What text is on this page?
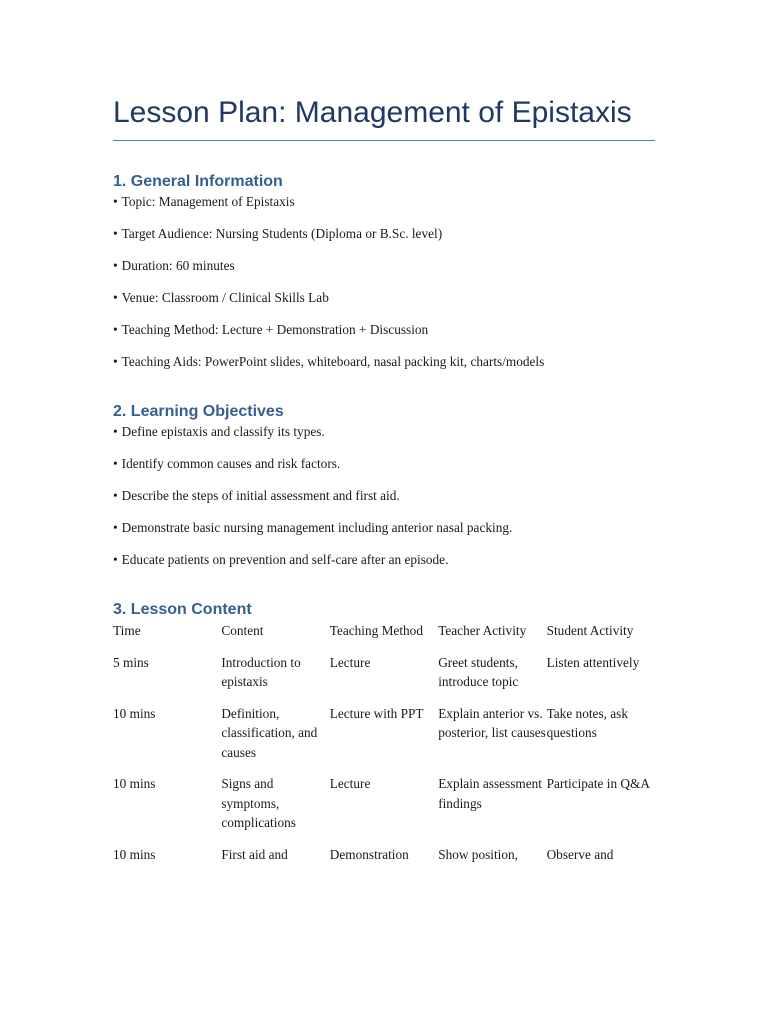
Lesson Plan: Management of Epistaxis
1. General Information
• Topic: Management of Epistaxis
• Target Audience: Nursing Students (Diploma or B.Sc. level)
• Duration: 60 minutes
• Venue: Classroom / Clinical Skills Lab
• Teaching Method: Lecture + Demonstration + Discussion
• Teaching Aids: PowerPoint slides, whiteboard, nasal packing kit, charts/models
2. Learning Objectives
• Define epistaxis and classify its types.
• Identify common causes and risk factors.
• Describe the steps of initial assessment and first aid.
• Demonstrate basic nursing management including anterior nasal packing.
• Educate patients on prevention and self-care after an episode.
3. Lesson Content
Time	Content	Teaching Method	Teacher Activity	Student Activity
5 mins	Introduction to epistaxis	Lecture	Greet students, introduce topic	Listen attentively
10 mins	Definition, classification, and causes	Lecture with PPT	Explain anterior vs. posterior, list causes	Take notes, ask questions
10 mins	Signs and symptoms, complications	Lecture	Explain assessment findings	Participate in Q&A
10 mins	First aid and	Demonstration	Show position,	Observe and
